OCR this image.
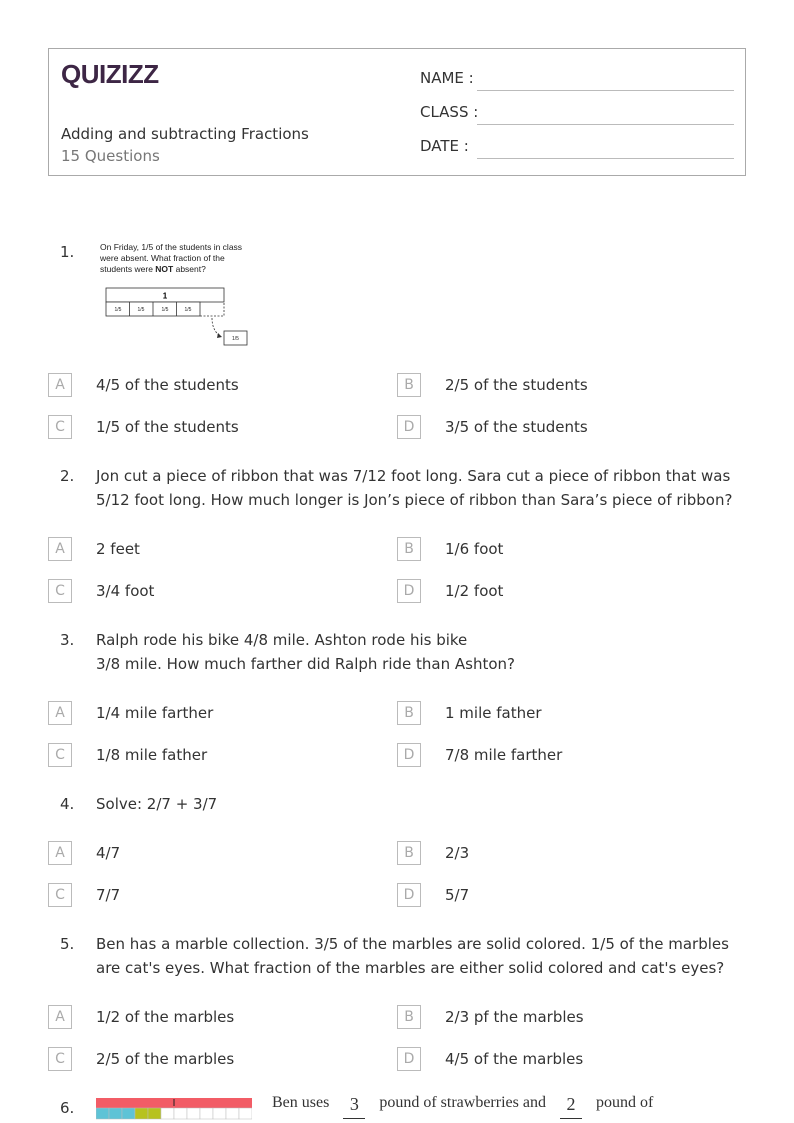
QUIZIZZ
Adding and subtracting Fractions
15 Questions
NAME :
CLASS :
DATE :
1.	On Friday, 1/5 of the students in class
were absent. What fraction of the
students were NOT absent?
1
1/5	1/5	1/5	1/5
1/5
2. Jon cut a piece of ribbon that was 7/12 foot long. Sara cut a piece of ribbon that was 5/12 foot long. How much longer is Jon’s piece of ribbon than Sara’s piece of ribbon?
3. Ralph rode his bike 4/8 mile. Ashton rode his bike
3/8 mile. How much farther did Ralph ride than Ashton?
4. Solve: 2/7 + 3/7
5. Ben has a marble collection. 3/5 of the marbles are solid colored. 1/5 of the marbles are cat's eyes. What fraction of the marbles are either solid colored and cat's eyes?
6.	Ben uses	3	pound of strawberries and	2	pound of
A	4/5 of the students	B	2/5 of the students
C	1/5 of the students	D	3/5 of the students
A	2 feet	B	1/6 foot
C	3/4 foot	D	1/2 foot
A	1/4 mile farther	B	1 mile father
C	1/8 mile father	D	7/8 mile farther
A	4/7	B	2/3
C	7/7	D	5/7
A	1/2 of the marbles	B	2/3 pf the marbles
C	2/5 of the marbles	D	4/5 of the marbles
